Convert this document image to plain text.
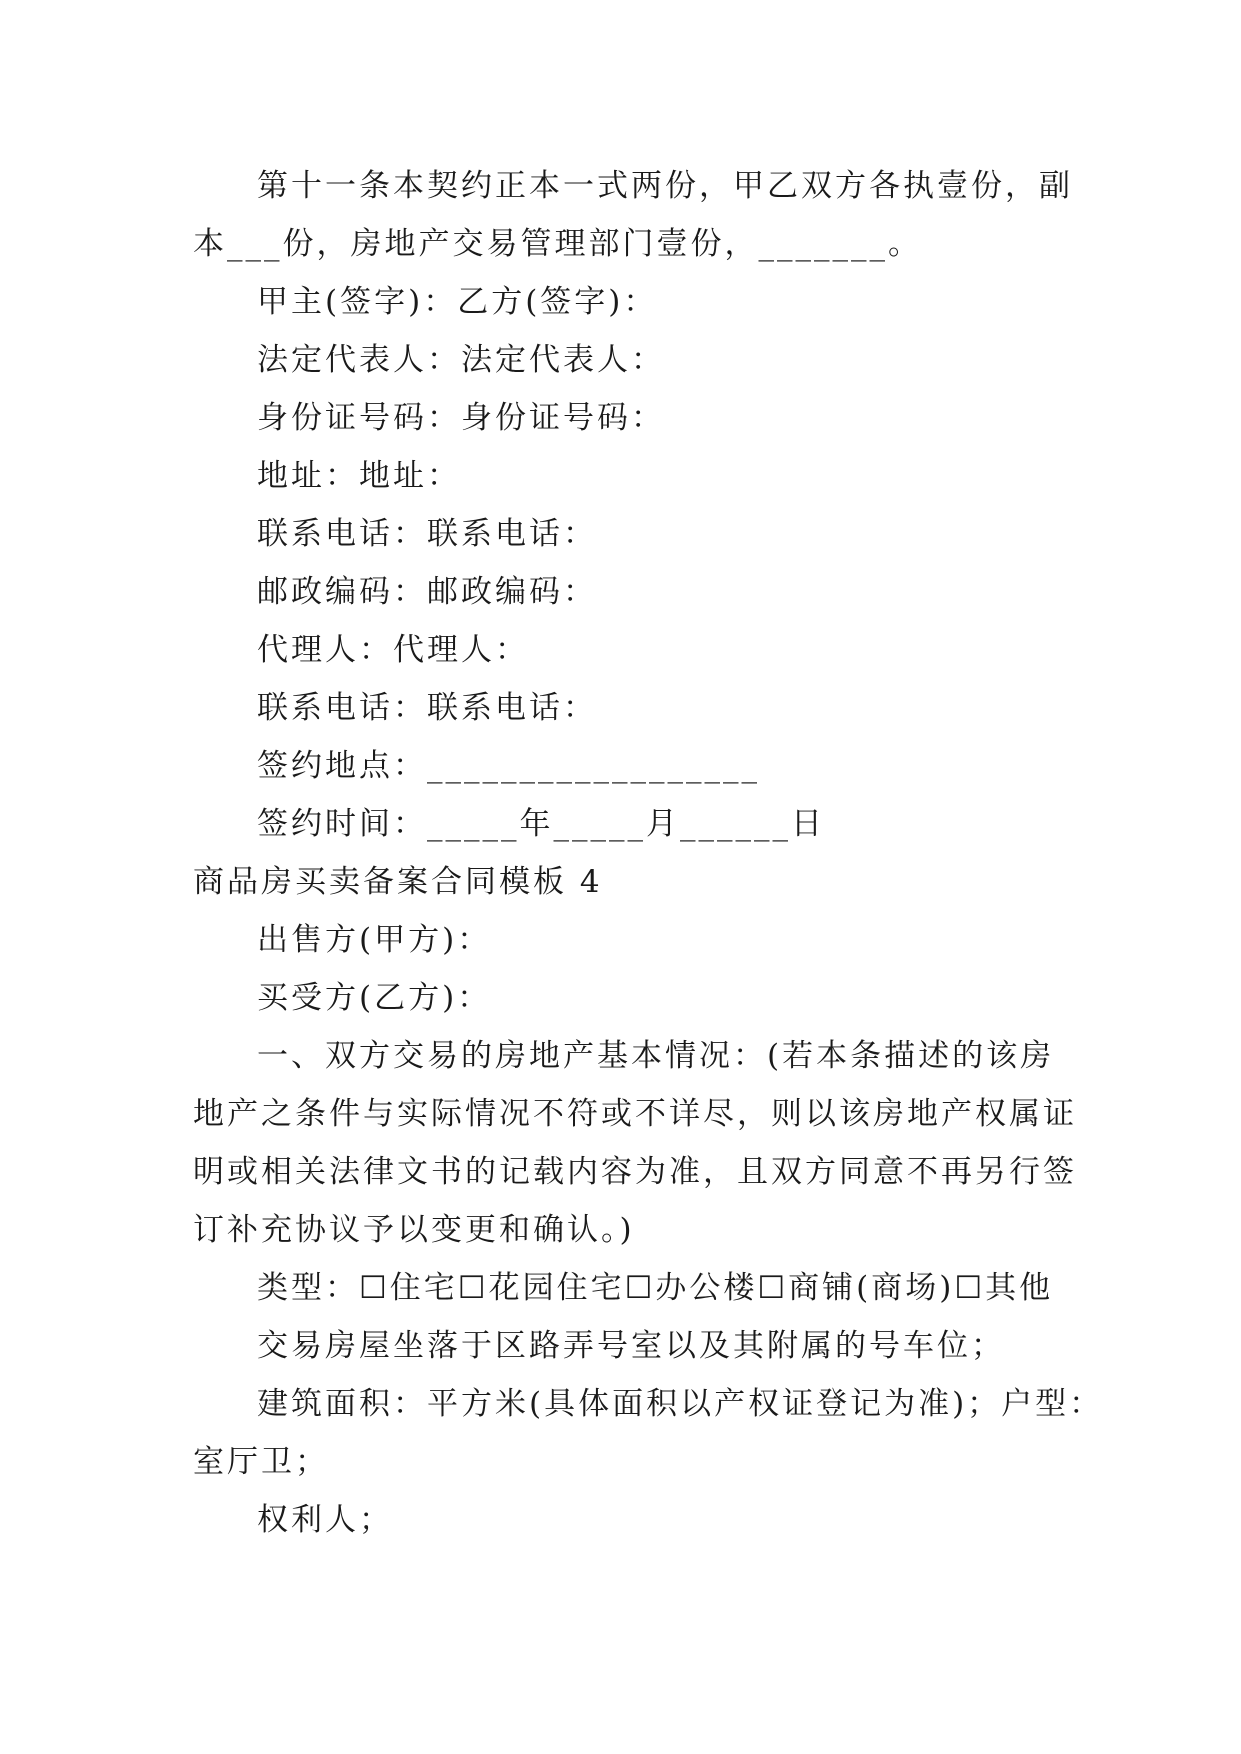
第十一条本契约正本一式两份，甲乙双方各执壹份，副

本___份，房地产交易管理部门壹份，_______。

甲主(签字)：乙方(签字)：

法定代表人：法定代表人：

身份证号码：身份证号码：

地址：地址：

联系电话：联系电话：

邮政编码：邮政编码：

代理人：代理人：

联系电话：联系电话：

签约地点：__________________

签约时间：_____年_____月______日

商品房买卖备案合同模板 4

出售方(甲方)：

买受方(乙方)：

一、双方交易的房地产基本情况：(若本条描述的该房

地产之条件与实际情况不符或不详尽，则以该房地产权属证

明或相关法律文书的记载内容为准，且双方同意不再另行签

订补充协议予以变更和确认。)

类型：☐住宅☐花园住宅☐办公楼☐商铺(商场)☐其他

交易房屋坐落于区路弄号室以及其附属的号车位；

建筑面积：平方米(具体面积以产权证登记为准)；户型：

室厅卫；

权利人；
